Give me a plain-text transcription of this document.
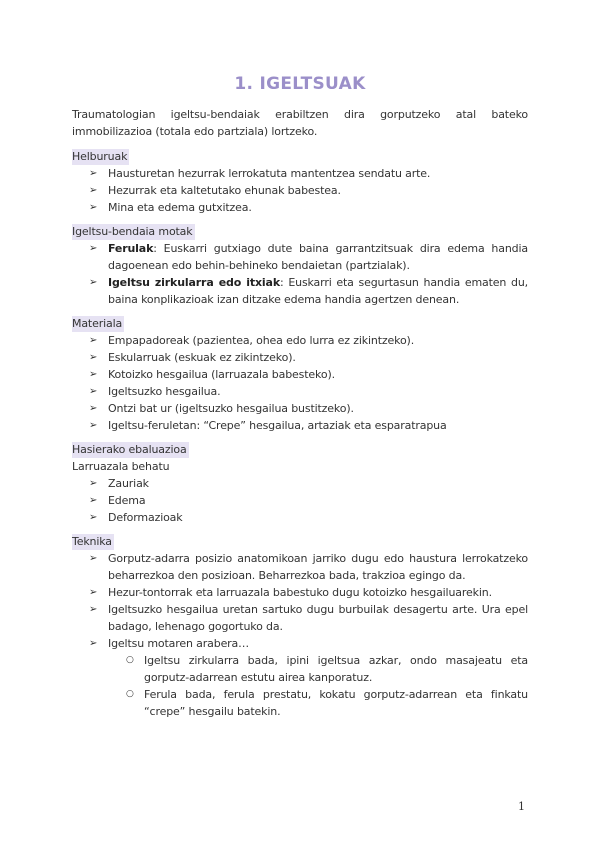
1. IGELTSUAK

Traumatologian igeltsu-bendaiak erabiltzen dira gorputzeko atal bateko immobilizazioa (totala edo partziala) lortzeko.

Helburuak
➢ Hausturetan hezurrak lerrokatuta mantentzea sendatu arte.
➢ Hezurrak eta kaltetutako ehunak babestea.
➢ Mina eta edema gutxitzea.
Igeltsu-bendaia motak
➢ Ferulak: Euskarri gutxiago dute baina garrantzitsuak dira edema handia dagoenean edo behin-behineko bendaietan (partzialak).
➢ Igeltsu zirkularra edo itxiak: Euskarri eta segurtasun handia ematen du, baina konplikazioak izan ditzake edema handia agertzen denean.
Materiala
➢ Empapadoreak (pazientea, ohea edo lurra ez zikintzeko).
➢ Eskularruak (eskuak ez zikintzeko).
➢ Kotoizko hesgailua (larruazala babesteko).
➢ Igeltsuzko hesgailua.
➢ Ontzi bat ur (igeltsuzko hesgailua bustitzeko).
➢ Igeltsu-feruletan: “Crepe” hesgailua, artaziak eta esparatrapua
Hasierako ebaluazioa
Larruazala behatu
➢ Zauriak
➢ Edema
➢ Deformazioak
Teknika
➢ Gorputz-adarra posizio anatomikoan jarriko dugu edo haustura lerrokatzeko beharrezkoa den posizioan. Beharrezkoa bada, trakzioa egingo da.
➢ Hezur-tontorrak eta larruazala babestuko dugu kotoizko hesgailuarekin.
➢ Igeltsuzko hesgailua uretan sartuko dugu burbuilak desagertu arte. Ura epel badago, lehenago gogortuko da.
➢ Igeltsu motaren arabera…
○ Igeltsu zirkularra bada, ipini igeltsua azkar, ondo masajeatu eta gorputz-adarrean estutu airea kanporatuz.
○ Ferula bada, ferula prestatu, kokatu gorputz-adarrean eta finkatu “crepe” hesgailu batekin.
1
